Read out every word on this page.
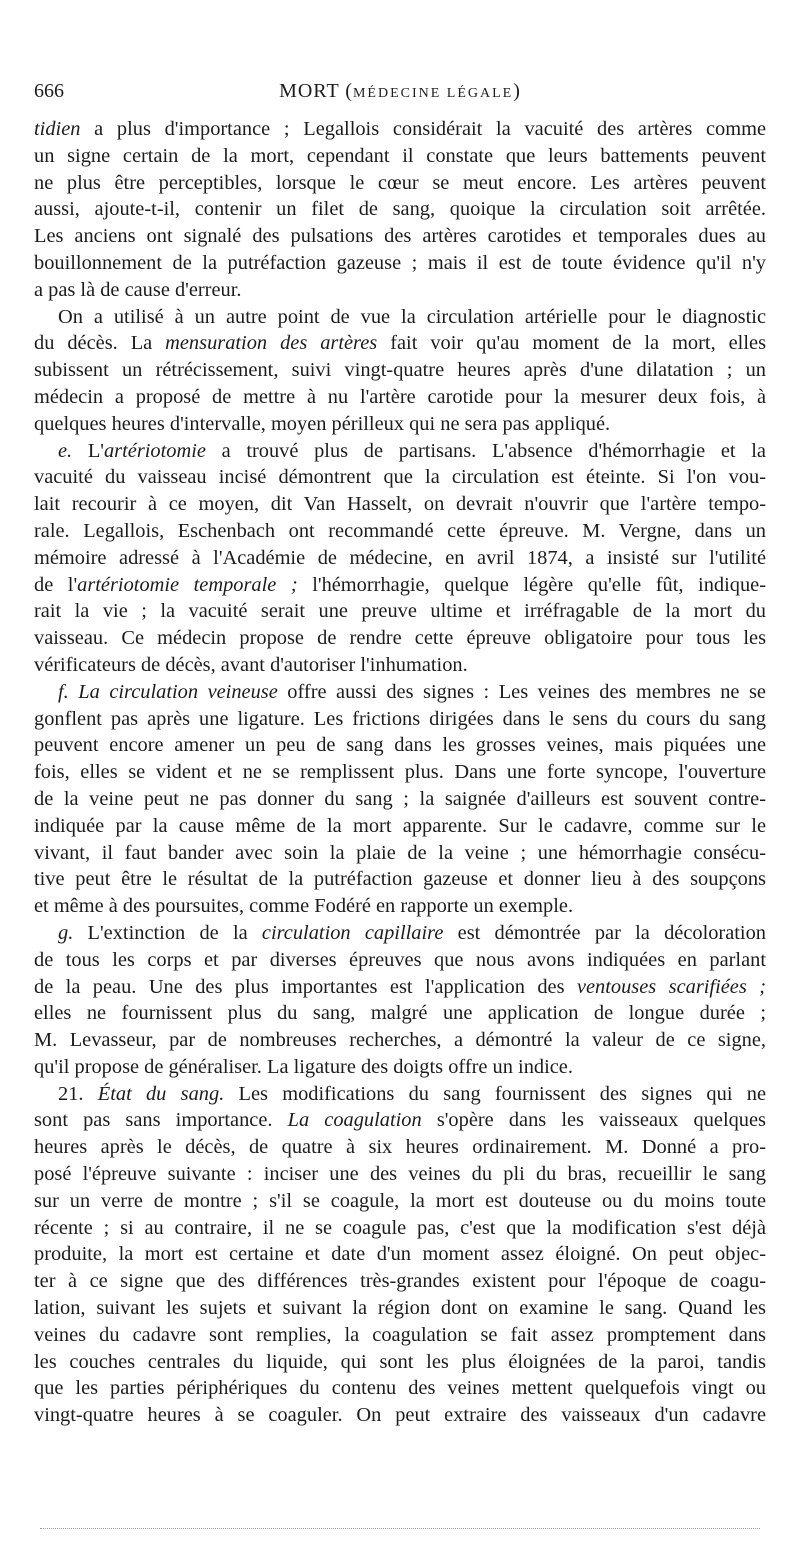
666	MORT (MÉDECINE LÉGALE)
tidien a plus d'importance ; Legallois considérait la vacuité des artères comme
un signe certain de la mort, cependant il constate que leurs battements peuvent
ne plus être perceptibles, lorsque le cœur se meut encore. Les artères peuvent
aussi, ajoute-t-il, contenir un filet de sang, quoique la circulation soit arrêtée.
Les anciens ont signalé des pulsations des artères carotides et temporales dues au
bouillonnement de la putréfaction gazeuse ; mais il est de toute évidence qu'il n'y
a pas là de cause d'erreur.
On a utilisé à un autre point de vue la circulation artérielle pour le diagnostic
du décès. La mensuration des artères fait voir qu'au moment de la mort, elles
subissent un rétrécissement, suivi vingt-quatre heures après d'une dilatation ; un
médecin a proposé de mettre à nu l'artère carotide pour la mesurer deux fois, à
quelques heures d'intervalle, moyen périlleux qui ne sera pas appliqué.
e. L'artériotomie a trouvé plus de partisans. L'absence d'hémorrhagie et la
vacuité du vaisseau incisé démontrent que la circulation est éteinte. Si l'on vou-
lait recourir à ce moyen, dit Van Hasselt, on devrait n'ouvrir que l'artère tempo-
rale. Legallois, Eschenbach ont recommandé cette épreuve. M. Vergne, dans un
mémoire adressé à l'Académie de médecine, en avril 1874, a insisté sur l'utilité
de l'artériotomie temporale ; l'hémorrhagie, quelque légère qu'elle fût, indique-
rait la vie ; la vacuité serait une preuve ultime et irréfragable de la mort du
vaisseau. Ce médecin propose de rendre cette épreuve obligatoire pour tous les
vérificateurs de décès, avant d'autoriser l'inhumation.
f. La circulation veineuse offre aussi des signes : Les veines des membres ne se
gonflent pas après une ligature. Les frictions dirigées dans le sens du cours du sang
peuvent encore amener un peu de sang dans les grosses veines, mais piquées une
fois, elles se vident et ne se remplissent plus. Dans une forte syncope, l'ouverture
de la veine peut ne pas donner du sang ; la saignée d'ailleurs est souvent contre-
indiquée par la cause même de la mort apparente. Sur le cadavre, comme sur le
vivant, il faut bander avec soin la plaie de la veine ; une hémorrhagie consécu-
tive peut être le résultat de la putréfaction gazeuse et donner lieu à des soupçons
et même à des poursuites, comme Fodéré en rapporte un exemple.
g. L'extinction de la circulation capillaire est démontrée par la décoloration
de tous les corps et par diverses épreuves que nous avons indiquées en parlant
de la peau. Une des plus importantes est l'application des ventouses scarifiées ;
elles ne fournissent plus du sang, malgré une application de longue durée ;
M. Levasseur, par de nombreuses recherches, a démontré la valeur de ce signe,
qu'il propose de généraliser. La ligature des doigts offre un indice.
21. État du sang. Les modifications du sang fournissent des signes qui ne
sont pas sans importance. La coagulation s'opère dans les vaisseaux quelques
heures après le décès, de quatre à six heures ordinairement. M. Donné a pro-
posé l'épreuve suivante : inciser une des veines du pli du bras, recueillir le sang
sur un verre de montre ; s'il se coagule, la mort est douteuse ou du moins toute
récente ; si au contraire, il ne se coagule pas, c'est que la modification s'est déjà
produite, la mort est certaine et date d'un moment assez éloigné. On peut objec-
ter à ce signe que des différences très-grandes existent pour l'époque de coagu-
lation, suivant les sujets et suivant la région dont on examine le sang. Quand les
veines du cadavre sont remplies, la coagulation se fait assez promptement dans
les couches centrales du liquide, qui sont les plus éloignées de la paroi, tandis
que les parties périphériques du contenu des veines mettent quelquefois vingt ou
vingt-quatre heures à se coaguler. On peut extraire des vaisseaux d'un cadavre
